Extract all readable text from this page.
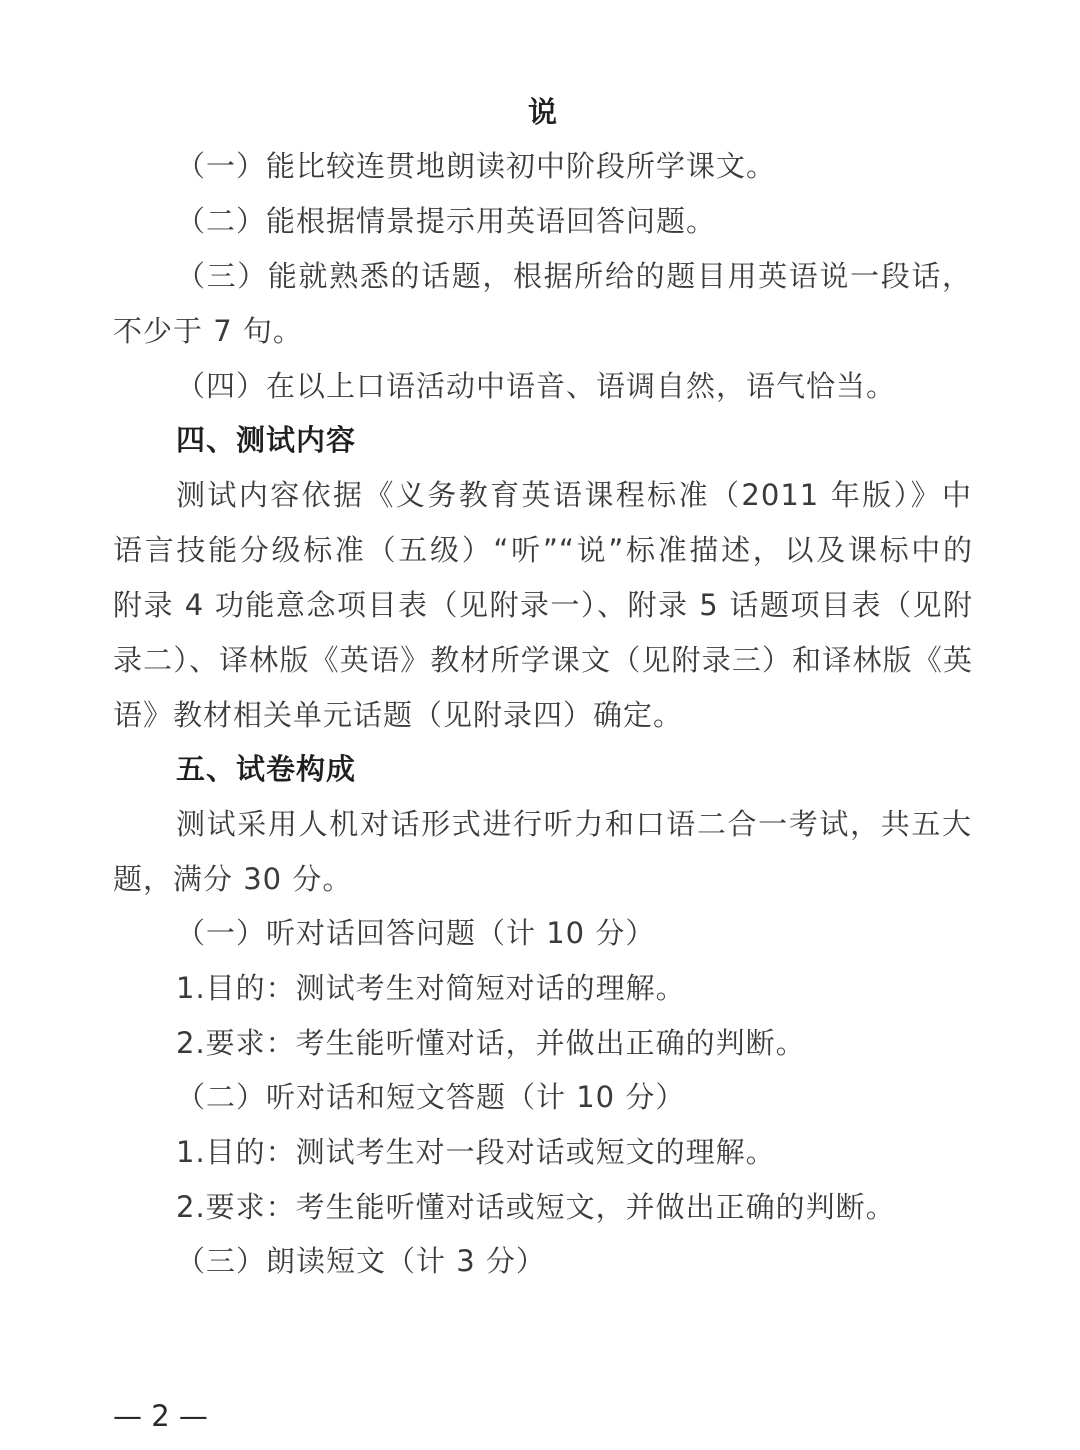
说
（一）能比较连贯地朗读初中阶段所学课文。
（二）能根据情景提示用英语回答问题。
（三）能就熟悉的话题，根据所给的题目用英语说一段话，
不少于 7 句。
（四）在以上口语活动中语音、语调自然，语气恰当。
四、测试内容
测试内容依据《义务教育英语课程标准（2011 年版）》中
语言技能分级标准（五级）“听”“说”标准描述，以及课标中的
附录 4 功能意念项目表（见附录一）、附录 5 话题项目表（见附
录二）、译林版《英语》教材所学课文（见附录三）和译林版《英
语》教材相关单元话题（见附录四）确定。
五、试卷构成
测试采用人机对话形式进行听力和口语二合一考试，共五大
题，满分 30 分。
（一）听对话回答问题（计 10 分）
1.目的：测试考生对简短对话的理解。
2.要求：考生能听懂对话，并做出正确的判断。
（二）听对话和短文答题（计 10 分）
1.目的：测试考生对一段对话或短文的理解。
2.要求：考生能听懂对话或短文，并做出正确的判断。
（三）朗读短文（计 3 分）
— 2 —
